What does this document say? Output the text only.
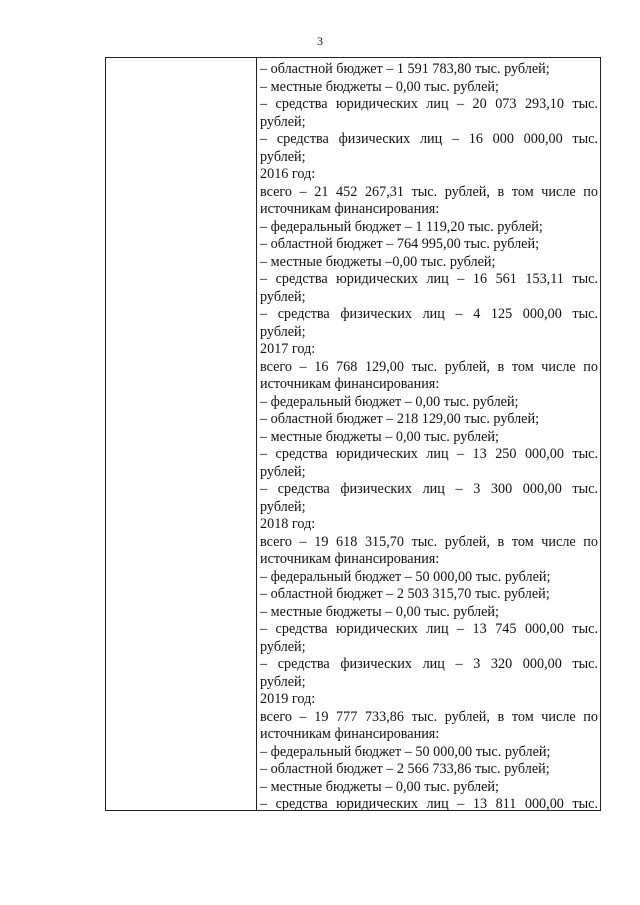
3
– областной бюджет – 1 591 783,80 тыс. рублей;
– местные бюджеты – 0,00 тыс. рублей;
– средства юридических лиц – 20 073 293,10 тыс.
рублей;
– средства физических лиц – 16 000 000,00 тыс.
рублей;
2016 год:
всего – 21 452 267,31 тыс. рублей, в том числе по
источникам финансирования:
– федеральный бюджет – 1 119,20 тыс. рублей;
– областной бюджет – 764 995,00 тыс. рублей;
– местные бюджеты –0,00 тыс. рублей;
– средства юридических лиц – 16 561 153,11 тыс.
рублей;
– средства физических лиц – 4 125 000,00 тыс.
рублей;
2017 год:
всего – 16 768 129,00 тыс. рублей, в том числе по
источникам финансирования:
– федеральный бюджет – 0,00 тыс. рублей;
– областной бюджет – 218 129,00 тыс. рублей;
– местные бюджеты – 0,00 тыс. рублей;
– средства юридических лиц – 13 250 000,00 тыс.
рублей;
– средства физических лиц – 3 300 000,00 тыс.
рублей;
2018 год:
всего – 19 618 315,70 тыс. рублей, в том числе по
источникам финансирования:
– федеральный бюджет – 50 000,00 тыс. рублей;
– областной бюджет – 2 503 315,70 тыс. рублей;
– местные бюджеты – 0,00 тыс. рублей;
– средства юридических лиц – 13 745 000,00 тыс.
рублей;
– средства физических лиц – 3 320 000,00 тыс.
рублей;
2019 год:
всего – 19 777 733,86 тыс. рублей, в том числе по
источникам финансирования:
– федеральный бюджет – 50 000,00 тыс. рублей;
– областной бюджет – 2 566 733,86 тыс. рублей;
– местные бюджеты – 0,00 тыс. рублей;
– средства юридических лиц – 13 811 000,00 тыс.
